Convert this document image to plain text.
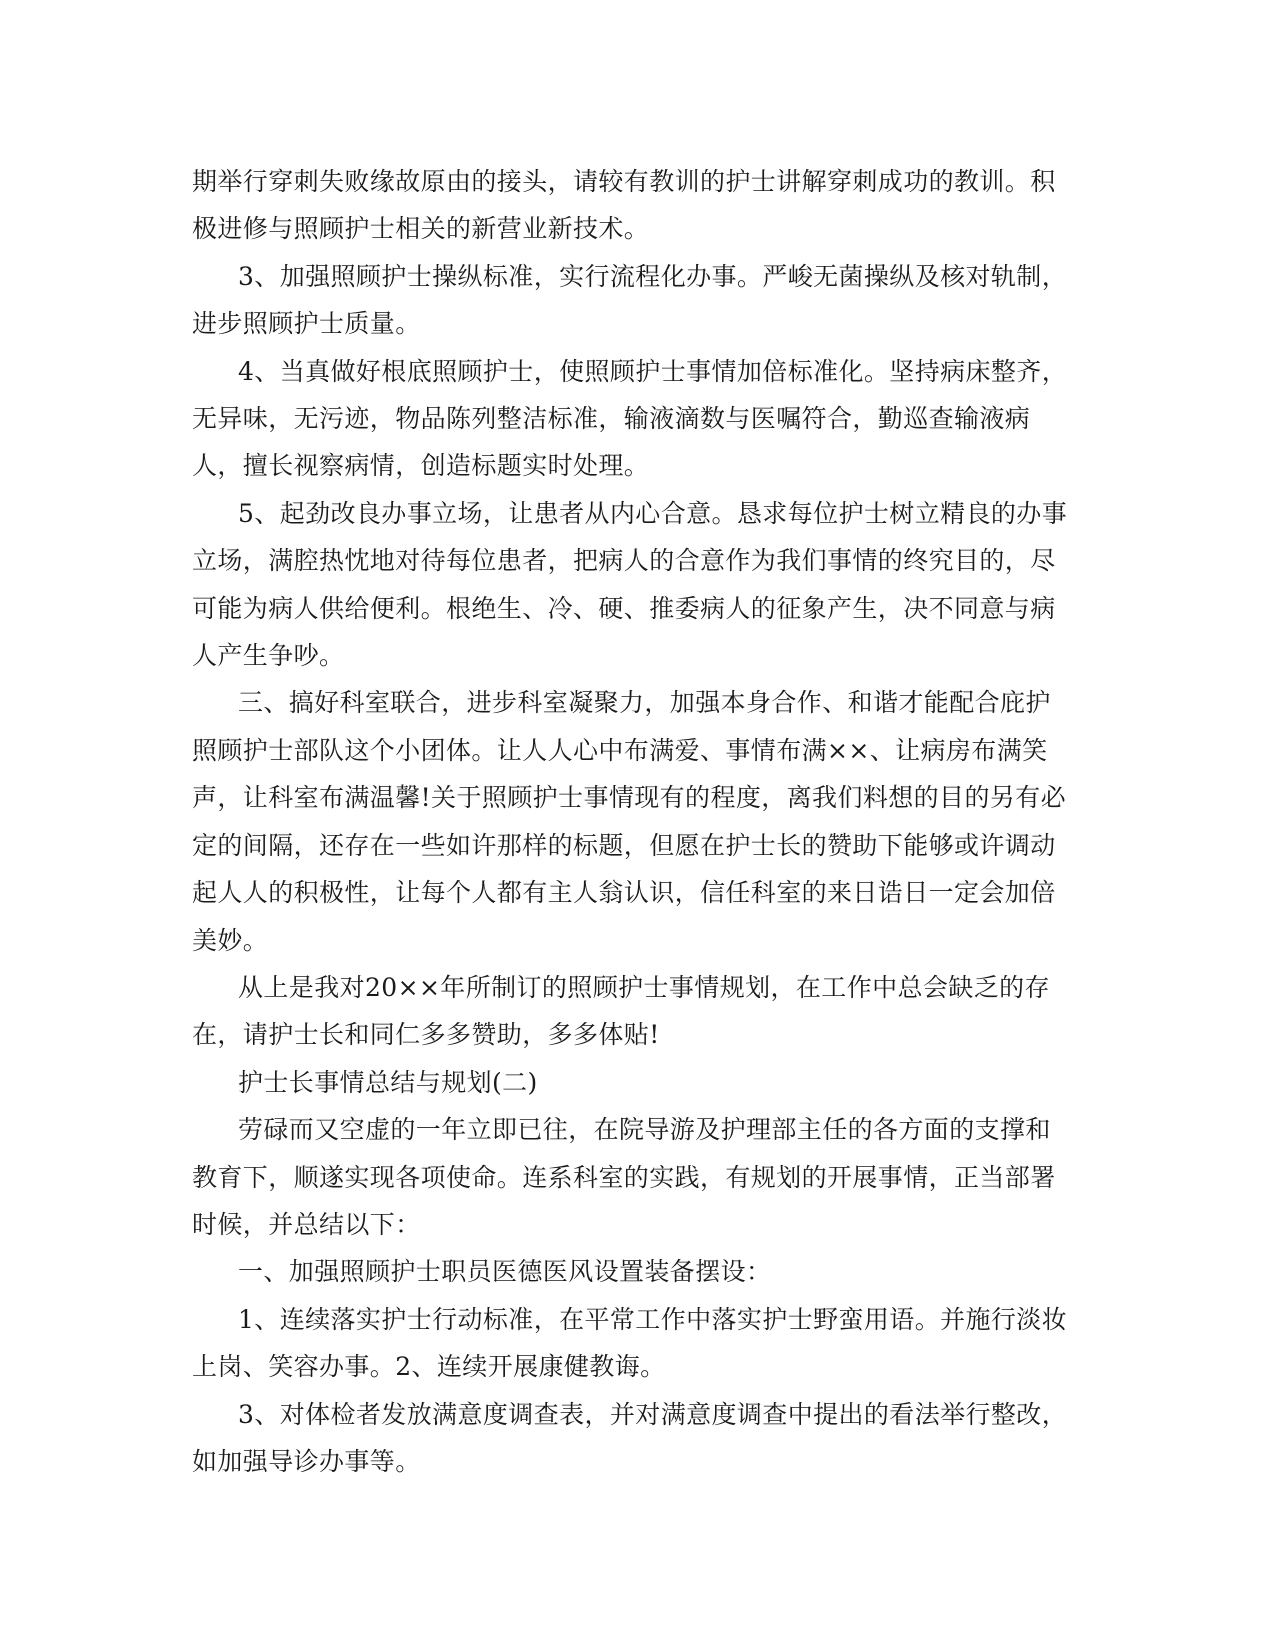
期举行穿刺失败缘故原由的接头，请较有教训的护士讲解穿刺成功的教训。积极进修与照顾护士相关的新营业新技术。

3、加强照顾护士操纵标准，实行流程化办事。严峻无菌操纵及核对轨制，进步照顾护士质量。

4、当真做好根底照顾护士，使照顾护士事情加倍标准化。坚持病床整齐，无异味，无污迹，物品陈列整洁标准，输液滴数与医嘱符合，勤巡查输液病人，擅长视察病情，创造标题实时处理。

5、起劲改良办事立场，让患者从内心合意。恳求每位护士树立精良的办事立场，满腔热忱地对待每位患者，把病人的合意作为我们事情的终究目的，尽可能为病人供给便利。根绝生、冷、硬、推委病人的征象产生，决不同意与病人产生争吵。

三、搞好科室联合，进步科室凝聚力，加强本身合作、和谐才能配合庇护照顾护士部队这个小团体。让人人心中布满爱、事情布满××、让病房布满笑声，让科室布满温馨!关于照顾护士事情现有的程度，离我们料想的目的另有必定的间隔，还存在一些如许那样的标题，但愿在护士长的赞助下能够或许调动起人人的积极性，让每个人都有主人翁认识，信任科室的来日诰日一定会加倍美妙。

从上是我对20××年所制订的照顾护士事情规划，在工作中总会缺乏的存在，请护士长和同仁多多赞助，多多体贴!

护士长事情总结与规划(二)

劳碌而又空虚的一年立即已往，在院导游及护理部主任的各方面的支撑和教育下，顺遂实现各项使命。连系科室的实践，有规划的开展事情，正当部署时候，并总结以下：

一、加强照顾护士职员医德医风设置装备摆设：

1、连续落实护士行动标准，在平常工作中落实护士野蛮用语。并施行淡妆上岗、笑容办事。2、连续开展康健教诲。

3、对体检者发放满意度调查表，并对满意度调查中提出的看法举行整改，如加强导诊办事等。
